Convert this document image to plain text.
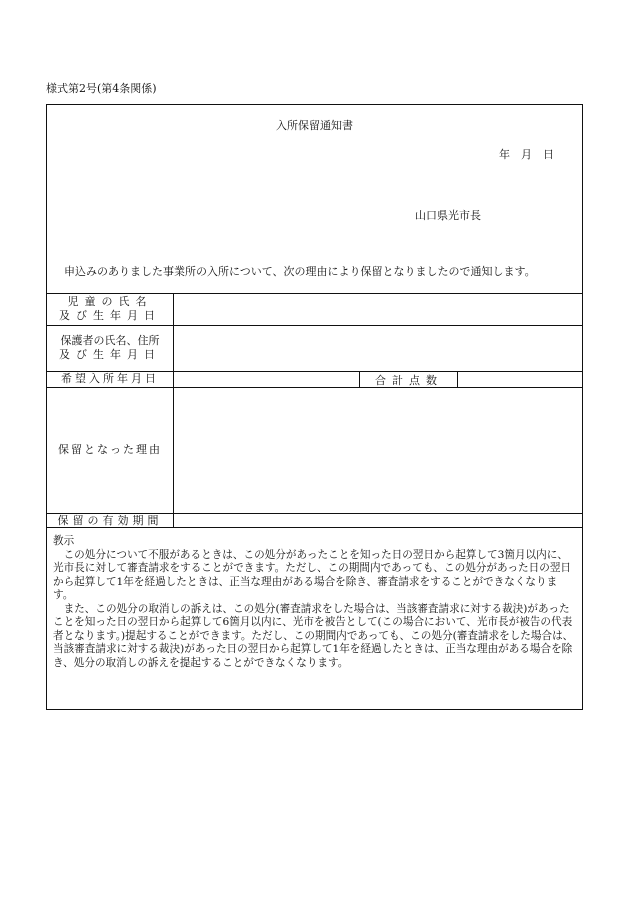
様式第2号(第4条関係)
入所保留通知書
年　月　日
山口県光市長
申込みのありました事業所の入所について、次の理由により保留となりましたので通知します。
児童の氏名
及び生年月日
保護者の氏名、住所
及び生年月日
希望入所年月日	合計点数
保留となった理由
保留の有効期間

教示

この処分について不服があるときは、この処分があったことを知った日の翌日から起算して3箇月以内に、光市長に対して審査請求をすることができます。ただし、この期間内であっても、この処分があった日の翌日から起算して1年を経過したときは、正当な理由がある場合を除き、審査請求をすることができなくなります。

また、この処分の取消しの訴えは、この処分(審査請求をした場合は、当該審査請求に対する裁決)があったことを知った日の翌日から起算して6箇月以内に、光市を被告として(この場合において、光市長が被告の代表者となります。)提起することができます。ただし、この期間内であっても、この処分(審査請求をした場合は、当該審査請求に対する裁決)があった日の翌日から起算して1年を経過したときは、正当な理由がある場合を除き、処分の取消しの訴えを提起することができなくなります。
